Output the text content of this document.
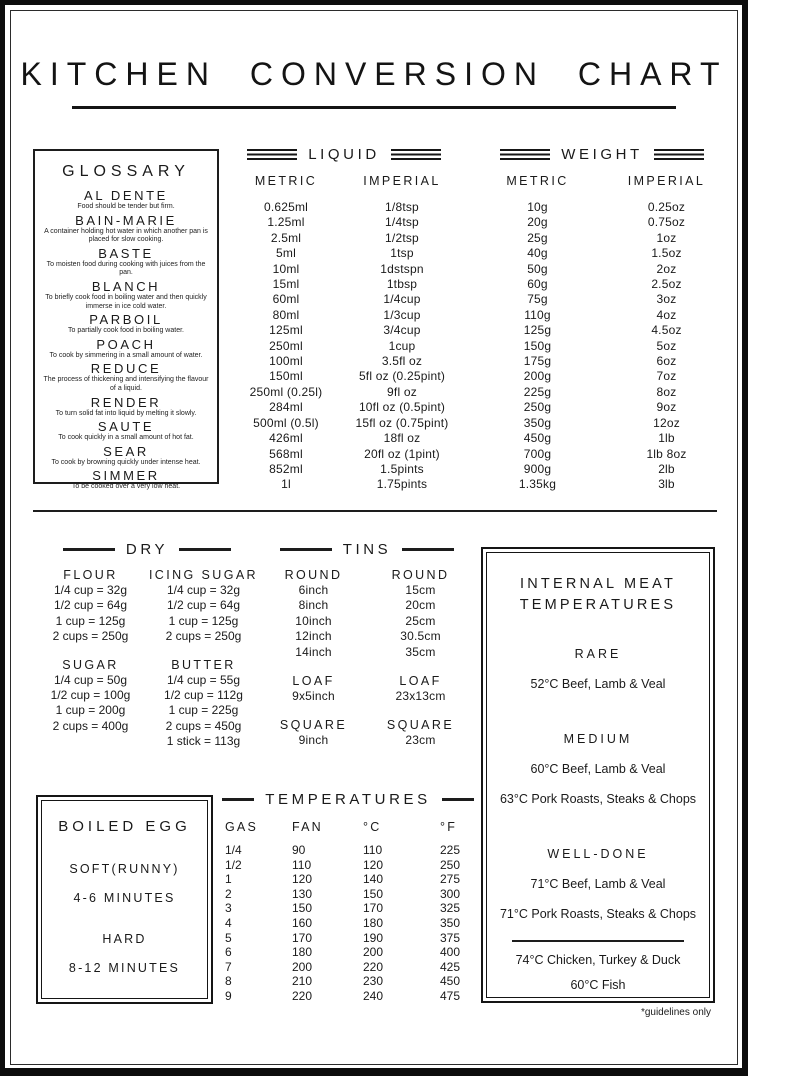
KITCHEN CONVERSION CHART
GLOSSARY
AL DENTE
Food should be tender but firm.
BAIN-MARIE
A container holding hot water in which another pan is placed for slow cooking.
BASTE
To moisten food during cooking with juices from the pan.
BLANCH
To briefly cook food in boiling water and then quickly immerse in ice cold water.
PARBOIL
To partially cook food in boiling water.
POACH
To cook by simmering in a small amount of water.
REDUCE
The process of thickening and intensifying the flavour of a liquid.
RENDER
To turn solid fat into liquid by melting it slowly.
SAUTE
To cook quickly in a small amount of hot fat.
SEAR
To cook by browning quickly under intense heat.
SIMMER
To be cooked over a very low heat.
LIQUID
METRIC	IMPERIAL
0.625ml	1/8tsp
1.25ml	1/4tsp
2.5ml	1/2tsp
5ml	1tsp
10ml	1dstspn
15ml	1tbsp
60ml	1/4cup
80ml	1/3cup
125ml	3/4cup
250ml	1cup
100ml	3.5fl oz
150ml	5fl oz (0.25pint)
250ml (0.25l)	9fl oz
284ml	10fl oz (0.5pint)
500ml (0.5l)	15fl oz (0.75pint)
426ml	18fl oz
568ml	20fl oz (1pint)
852ml	1.5pints
1l	1.75pints
WEIGHT
METRIC	IMPERIAL
10g	0.25oz
20g	0.75oz
25g	1oz
40g	1.5oz
50g	2oz
60g	2.5oz
75g	3oz
110g	4oz
125g	4.5oz
150g	5oz
175g	6oz
200g	7oz
225g	8oz
250g	9oz
350g	12oz
450g	1lb
700g	1lb 8oz
900g	2lb
1.35kg	3lb
DRY
FLOUR
1/4 cup = 32g
1/2 cup = 64g
1 cup = 125g
2 cups = 250g
ICING SUGAR
1/4 cup = 32g
1/2 cup = 64g
1 cup = 125g
2 cups = 250g
SUGAR
1/4 cup = 50g
1/2 cup = 100g
1 cup = 200g
2 cups = 400g
BUTTER
1/4 cup = 55g
1/2 cup = 112g
1 cup = 225g
2 cups = 450g
1 stick = 113g
TINS
ROUND	ROUND
6inch	15cm
8inch	20cm
10inch	25cm
12inch	30.5cm
14inch	35cm
LOAF	LOAF
9x5inch	23x13cm
SQUARE	SQUARE
9inch	23cm
INTERNAL MEAT
TEMPERATURES
RARE
52°C Beef, Lamb & Veal
MEDIUM
60°C Beef, Lamb & Veal
63°C Pork Roasts, Steaks & Chops
WELL-DONE
71°C Beef, Lamb & Veal
71°C Pork Roasts, Steaks & Chops
74°C Chicken, Turkey & Duck
60°C Fish
*guidelines only
BOILED EGG
SOFT(RUNNY)
4-6 MINUTES
HARD
8-12 MINUTES
TEMPERATURES
GAS	FAN	°C	°F
1/4	90	110	225
1/2	110	120	250
1	120	140	275
2	130	150	300
3	150	170	325
4	160	180	350
5	170	190	375
6	180	200	400
7	200	220	425
8	210	230	450
9	220	240	475
